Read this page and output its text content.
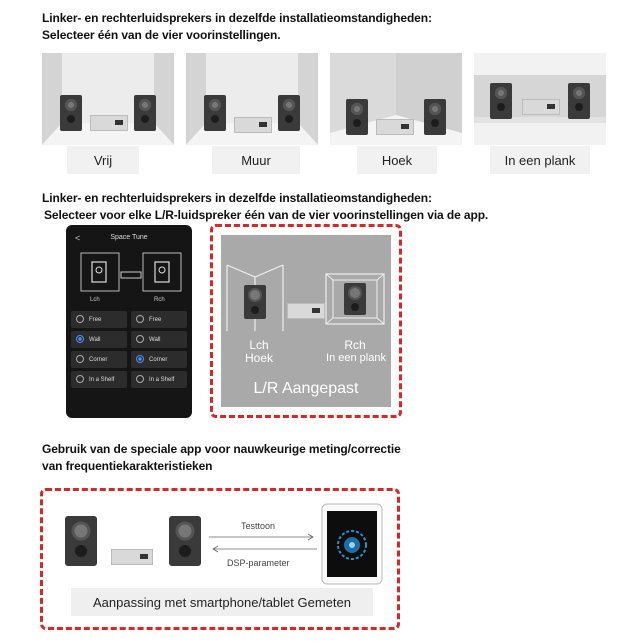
Linker- en rechterluidsprekers in dezelfde installatieomstandigheden:
Selecteer één van de vier voorinstellingen.
Vrij	Muur	Hoek	In een plank
Linker- en rechterluidsprekers in dezelfde installatieomstandigheden:
Selecteer voor elke L/R-luidspreker één van de vier voorinstellingen via de app.
<	Space Tune
Lch	Rch
Free	Free
Wall	Wall
Corner	Corner
In a Shelf	In a Shelf
Lch
Hoek
Rch
In een plank
L/R Aangepast
Gebruik van de speciale app voor nauwkeurige meting/correctie
van frequentiekarakteristieken
Testtoon
DSP-parameter
Aanpassing met smartphone/tablet Gemeten
